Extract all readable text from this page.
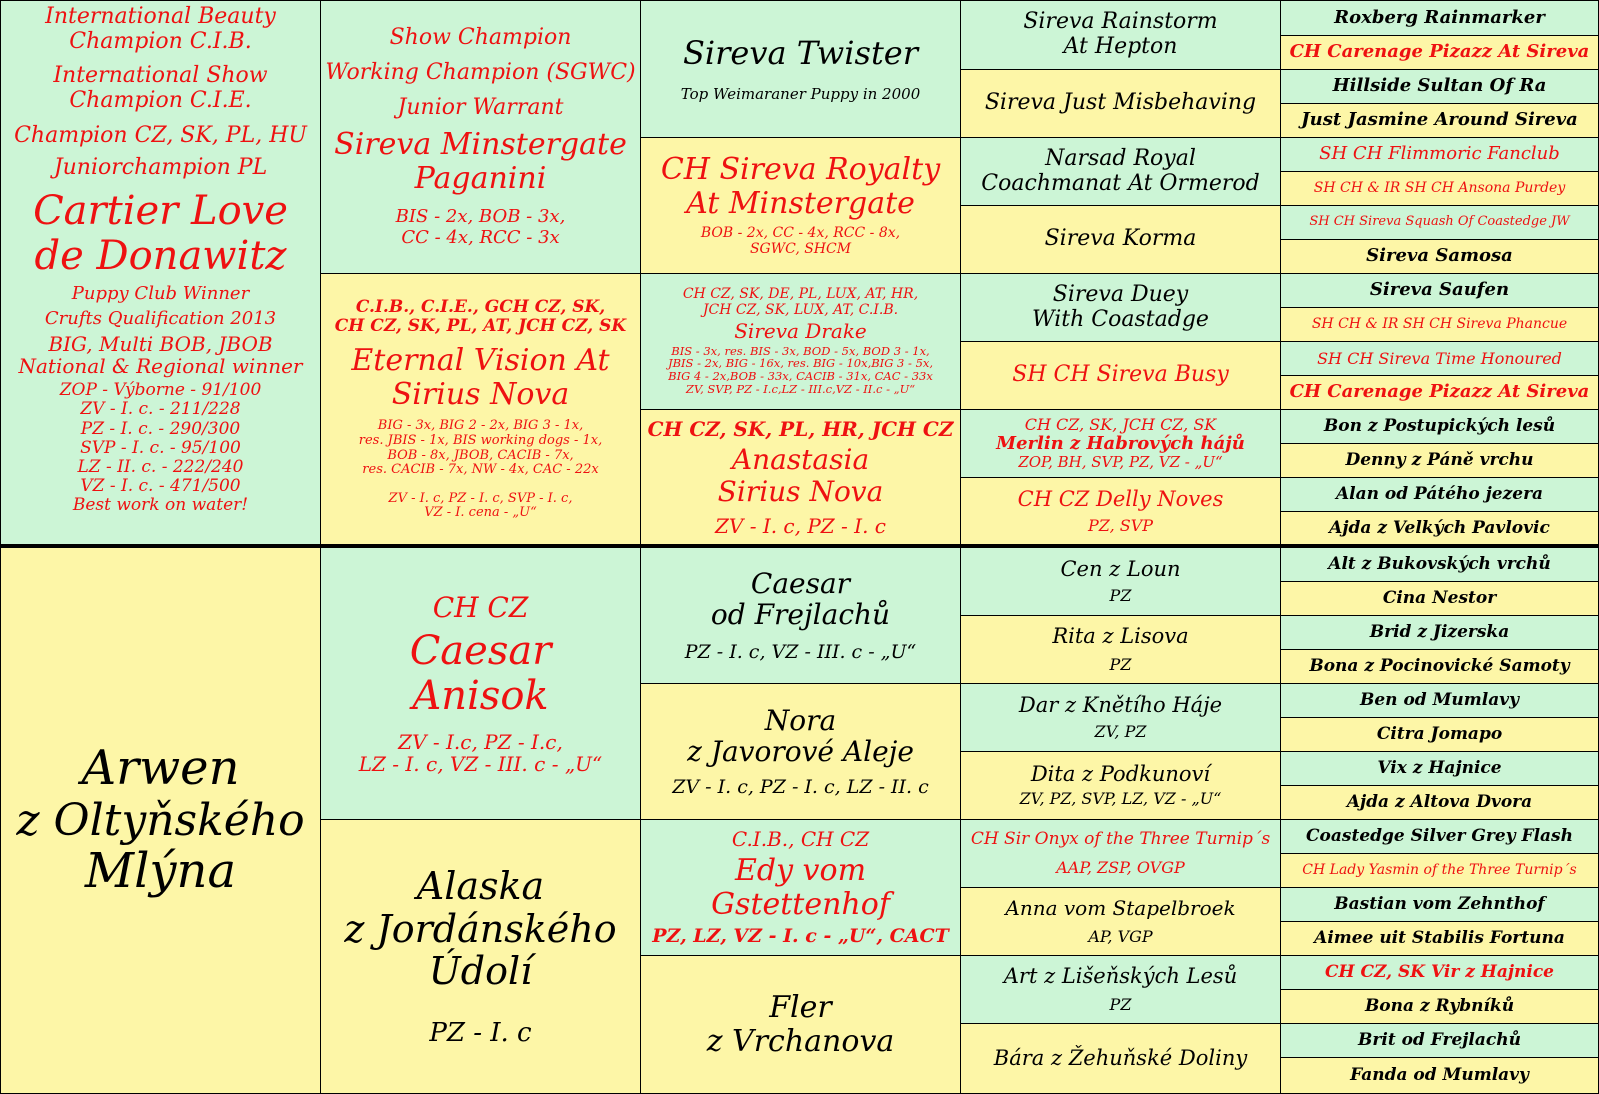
International Beauty
Champion C.I.B.
International Show
Champion C.I.E.
Champion CZ, SK, PL, HU
Juniorchampion PL
Cartier Love
de Donawitz
Puppy Club Winner
Crufts Qualification 2013
BIG, Multi BOB, JBOB
National & Regional winner
ZOP - Výborne - 91/100
ZV - I. c. - 211/228
PZ - I. c. - 290/300
SVP - I. c. - 95/100
LZ - II. c. - 222/240
VZ - I. c. - 471/500
Best work on water!
Show Champion
Working Champion (SGWC)
Junior Warrant
Sireva Minstergate
Paganini
BIS - 2x, BOB - 3x,
CC - 4x, RCC - 3x
C.I.B., C.I.E., GCH CZ, SK,
CH CZ, SK, PL, AT, JCH CZ, SK
Eternal Vision At
Sirius Nova
BIG - 3x, BIG 2 - 2x, BIG 3 - 1x,
res. JBIS - 1x, BIS working dogs - 1x,
BOB - 8x, JBOB, CACIB - 7x,
res. CACIB - 7x, NW - 4x, CAC - 22x
ZV - I. c, PZ - I. c, SVP - I. c,
VZ - I. cena - „U“
Sireva Twister
Top Weimaraner Puppy in 2000
CH Sireva Royalty
At Minstergate
BOB - 2x, CC - 4x, RCC - 8x,
SGWC, SHCM
CH CZ, SK, DE, PL, LUX, AT, HR,
JCH CZ, SK, LUX, AT, C.I.B.
Sireva Drake
BIS - 3x, res. BIS - 3x, BOD - 5x, BOD 3 - 1x,
JBIS - 2x, BIG - 16x, res. BIG - 10x,BIG 3 - 5x,
BIG 4 - 2x,BOB - 33x, CACIB - 31x, CAC - 33x
ZV, SVP, PZ - I.c,LZ - III.c,VZ - II.c - „U“
CH CZ, SK, PL, HR, JCH CZ
Anastasia
Sirius Nova
ZV - I. c, PZ - I. c
Sireva Rainstorm
At Hepton
Sireva Just Misbehaving
Narsad Royal
Coachmanat At Ormerod
Sireva Korma
Sireva Duey
With Coastadge
SH CH Sireva Busy
CH CZ, SK, JCH CZ, SK
Merlin z Habrových hájů
ZOP, BH, SVP, PZ, VZ - „U“
CH CZ Delly Noves
PZ, SVP
Roxberg Rainmarker
CH Carenage Pizazz At Sireva
Hillside Sultan Of Ra
Just Jasmine Around Sireva
SH CH Flimmoric Fanclub
SH CH & IR SH CH Ansona Purdey
SH CH Sireva Squash Of Coastedge JW
Sireva Samosa
Sireva Saufen
SH CH & IR SH CH Sireva Phancue
SH CH Sireva Time Honoured
CH Carenage Pizazz At Sireva
Bon z Postupických lesů
Denny z Páně vrchu
Alan od Pátého jezera
Ajda z Velkých Pavlovic
Arwen
z Oltyňského
Mlýna
CH CZ
Caesar
Anisok
ZV - I.c, PZ - I.c,
LZ - I. c, VZ - III. c - „U“
Alaska
z Jordánského
Údolí
PZ - I. c
Caesar
od Frejlachů
PZ - I. c, VZ - III. c - „U“
Nora
z Javorové Aleje
ZV - I. c, PZ - I. c, LZ - II. c
C.I.B., CH CZ
Edy vom
Gstettenhof
PZ, LZ, VZ - I. c - „U“, CACT
Fler
z Vrchanova
Cen z Loun
PZ
Rita z Lisova
PZ
Dar z Knětího Háje
ZV, PZ
Dita z Podkunoví
ZV, PZ, SVP, LZ, VZ - „U“
CH Sir Onyx of the Three Turnip´s
AAP, ZSP, OVGP
Anna vom Stapelbroek
AP, VGP
Art z Lišeňských Lesů
PZ
Bára z Žehuňské Doliny
Alt z Bukovských vrchů
Cina Nestor
Brid z Jizerska
Bona z Pocinovické Samoty
Ben od Mumlavy
Citra Jomapo
Vix z Hajnice
Ajda z Altova Dvora
Coastedge Silver Grey Flash
CH Lady Yasmin of the Three Turnip´s
Bastian vom Zehnthof
Aimee uit Stabilis Fortuna
CH CZ, SK Vir z Hajnice
Bona z Rybníků
Brit od Frejlachů
Fanda od Mumlavy
